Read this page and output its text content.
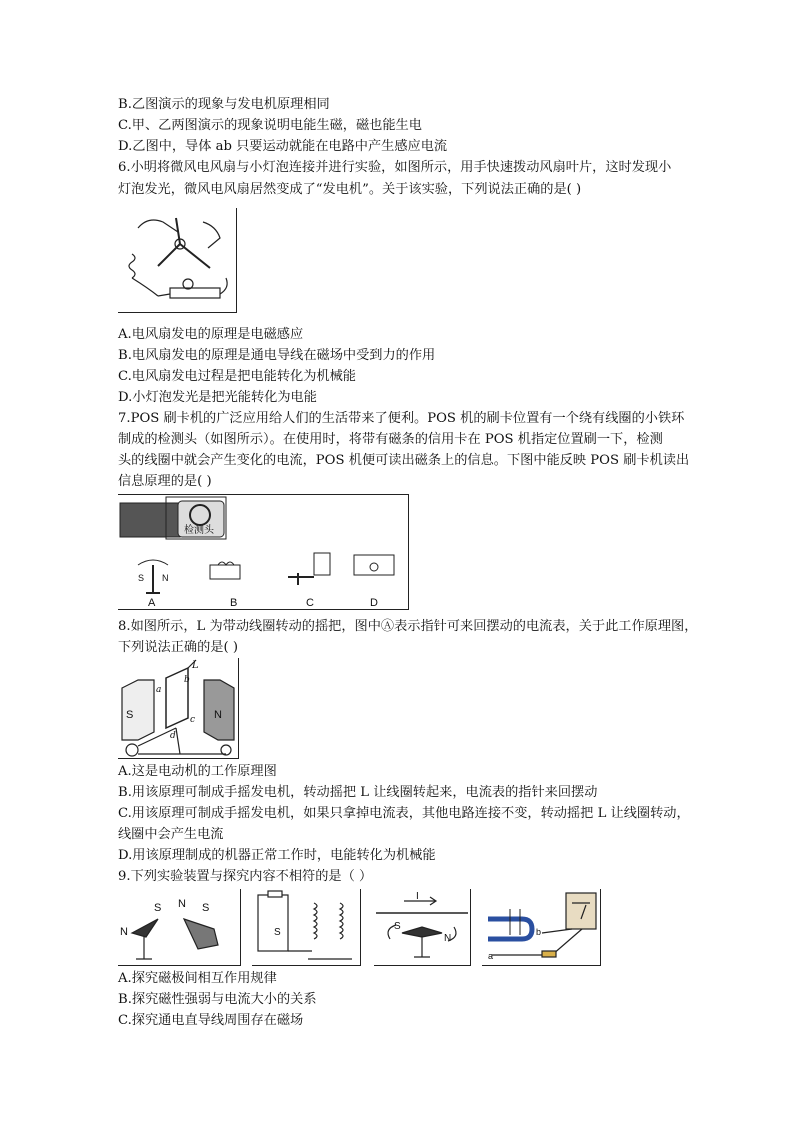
B.乙图演示的现象与发电机原理相同
C.甲、乙两图演示的现象说明电能生磁，磁也能生电
D.乙图中，导体 ab 只要运动就能在电路中产生感应电流
6.小明将微风电风扇与小灯泡连接并进行实验，如图所示，用手快速拨动风扇叶片，这时发现小
灯泡发光，微风电风扇居然变成了“发电机”。关于该实验，下列说法正确的是( )
A.电风扇发电的原理是电磁感应
B.电风扇发电的原理是通电导线在磁场中受到力的作用
C.电风扇发电过程是把电能转化为机械能
D.小灯泡发光是把光能转化为电能
7.POS 刷卡机的广泛应用给人们的生活带来了便利。POS 机的刷卡位置有一个绕有线圈的小铁环
制成的检测头（如图所示）。在使用时，将带有磁条的信用卡在 POS 机指定位置刷一下，检测
头的线圈中就会产生变化的电流，POS 机便可读出磁条上的信息。下图中能反映 POS 刷卡机读出
信息原理的是( )
检测头
S N
A	B	C	D
8.如图所示，L 为带动线圈转动的摇把，图中Ⓐ表示指针可来回摆动的电流表，关于此工作原理图，
下列说法正确的是( )
S	N
L
a
b
c
d
A.这是电动机的工作原理图
B.用该原理可制成手摇发电机，转动摇把 L 让线圈转起来，电流表的指针来回摆动
C.用该原理可制成手摇发电机，如果只拿掉电流表，其他电路连接不变，转动摇把 L 让线圈转动，
线圈中会产生电流
D.用该原理制成的机器正常工作时，电能转化为机械能
9.下列实验装置与探究内容不相符的是（ ）
N
S N S
S
I
S
N
a
b
A.探究磁极间相互作用规律
B.探究磁性强弱与电流大小的关系
C.探究通电直导线周围存在磁场
